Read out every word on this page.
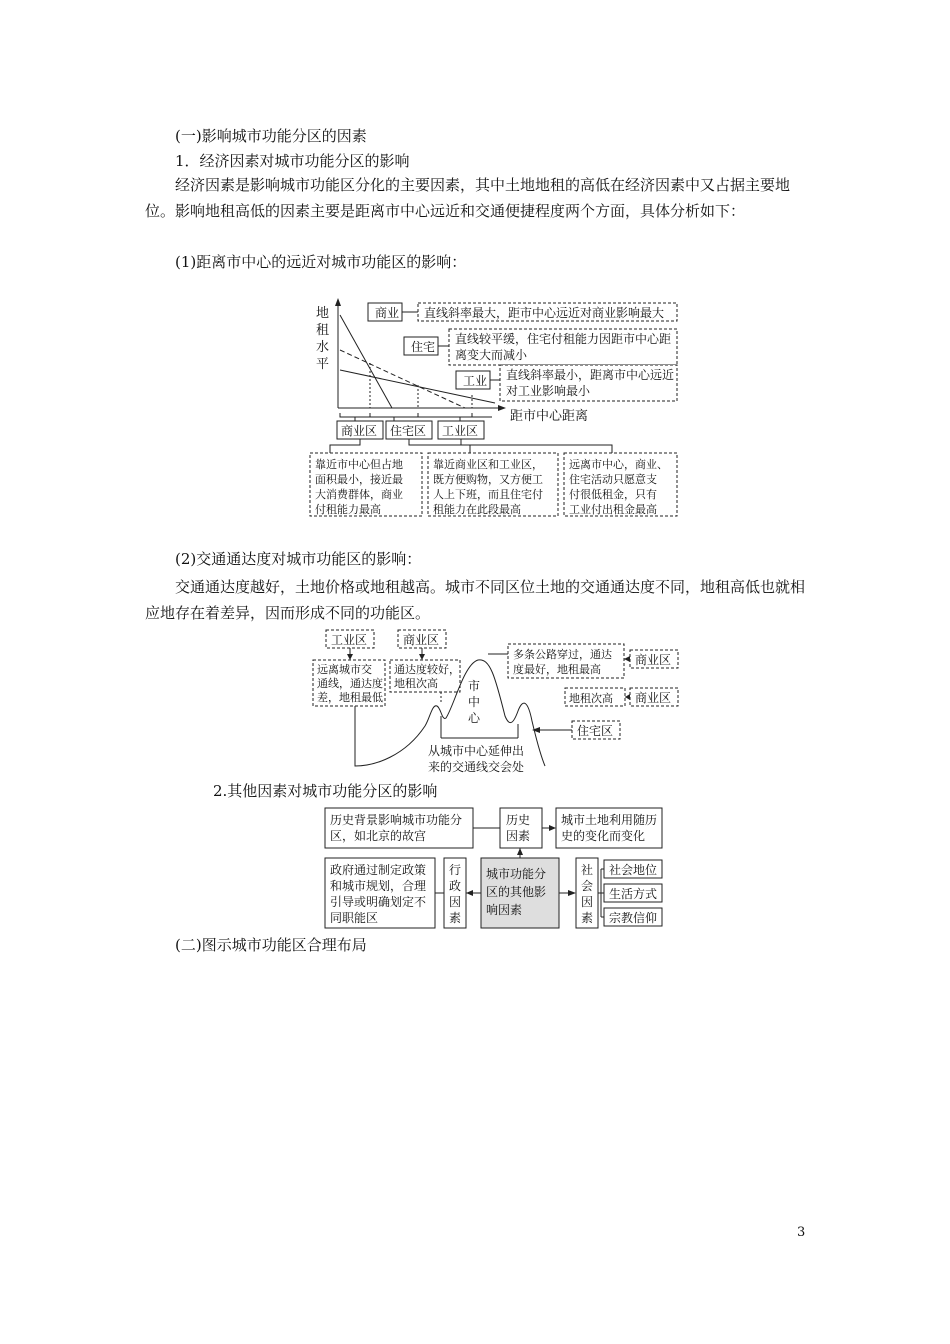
(一)影响城市功能分区的因素
1．经济因素对城市功能分区的影响
经济因素是影响城市功能区分化的主要因素，其中土地地租的高低在经济因素中又占据主要地位。影响地租高低的因素主要是距离市中心远近和交通便捷程度两个方面，具体分析如下：
(1)距离市中心的远近对城市功能区的影响：
地
租
水
平
距市中心距离
商业 直线斜率最大，距市中心远近对商业影响最大
住宅
直线较平缓，住宅付租能力因距市中心距
离变大而减小
工业 直线斜率最小，距离市中心远近
对工业影响最小
商业区 住宅区 工业区
靠近市中心但占地
面积最小，接近最
大消费群体，商业
付租能力最高
靠近商业区和工业区，
既方便购物，又方便工
人上下班，而且住宅付
租能力在此段最高
远离市中心，商业、
住宅活动只愿意支
付很低租金，只有
工业付出租金最高
(2)交通通达度对城市功能区的影响：
交通通达度越好，土地价格或地租越高。城市不同区位土地的交通通达度不同，地租高低也就相应地存在着差异，因而形成不同的功能区。
工业区	商业区
远离城市交
通线，通达度
差，地租最低
通达度较好，
地租次高	市
中
心
多条公路穿过，通达
度最好，地租最高
商业区
地租次高 商业区
住宅区
从城市中心延伸出
来的交通线交会处
2.其他因素对城市功能分区的影响
历史背景影响城市功能分
区，如北京的故宫
历史
因素
城市土地利用随历
史的变化而变化
政府通过制定政策
和城市规划，合理
引导或明确划定不
同职能区
行
政
因
素
城市功能分
区的其他影
响因素
社
会
因
素
社会地位
生活方式
宗教信仰
(二)图示城市功能区合理布局
3
